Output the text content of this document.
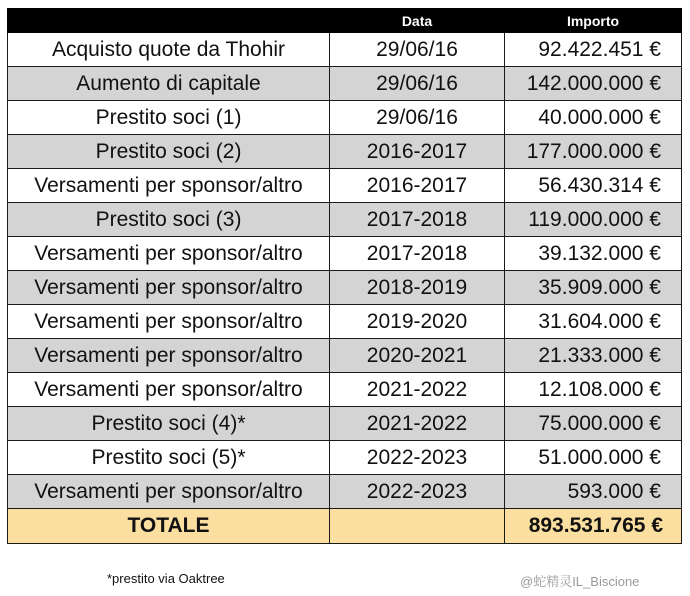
	Data	Importo
Acquisto quote da Thohir	29/06/16	92.422.451 €
Aumento di capitale	29/06/16	142.000.000 €
Prestito soci (1)	29/06/16	40.000.000 €
Prestito soci (2)	2016-2017	177.000.000 €
Versamenti per sponsor/altro	2016-2017	56.430.314 €
Prestito soci (3)	2017-2018	119.000.000 €
Versamenti per sponsor/altro	2017-2018	39.132.000 €
Versamenti per sponsor/altro	2018-2019	35.909.000 €
Versamenti per sponsor/altro	2019-2020	31.604.000 €
Versamenti per sponsor/altro	2020-2021	21.333.000 €
Versamenti per sponsor/altro	2021-2022	12.108.000 €
Prestito soci (4)*	2021-2022	75.000.000 €
Prestito soci (5)*	2022-2023	51.000.000 €
Versamenti per sponsor/altro	2022-2023	593.000 €
TOTALE		893.531.765 €
*prestito via Oaktree	@蛇精灵IL_Biscione
